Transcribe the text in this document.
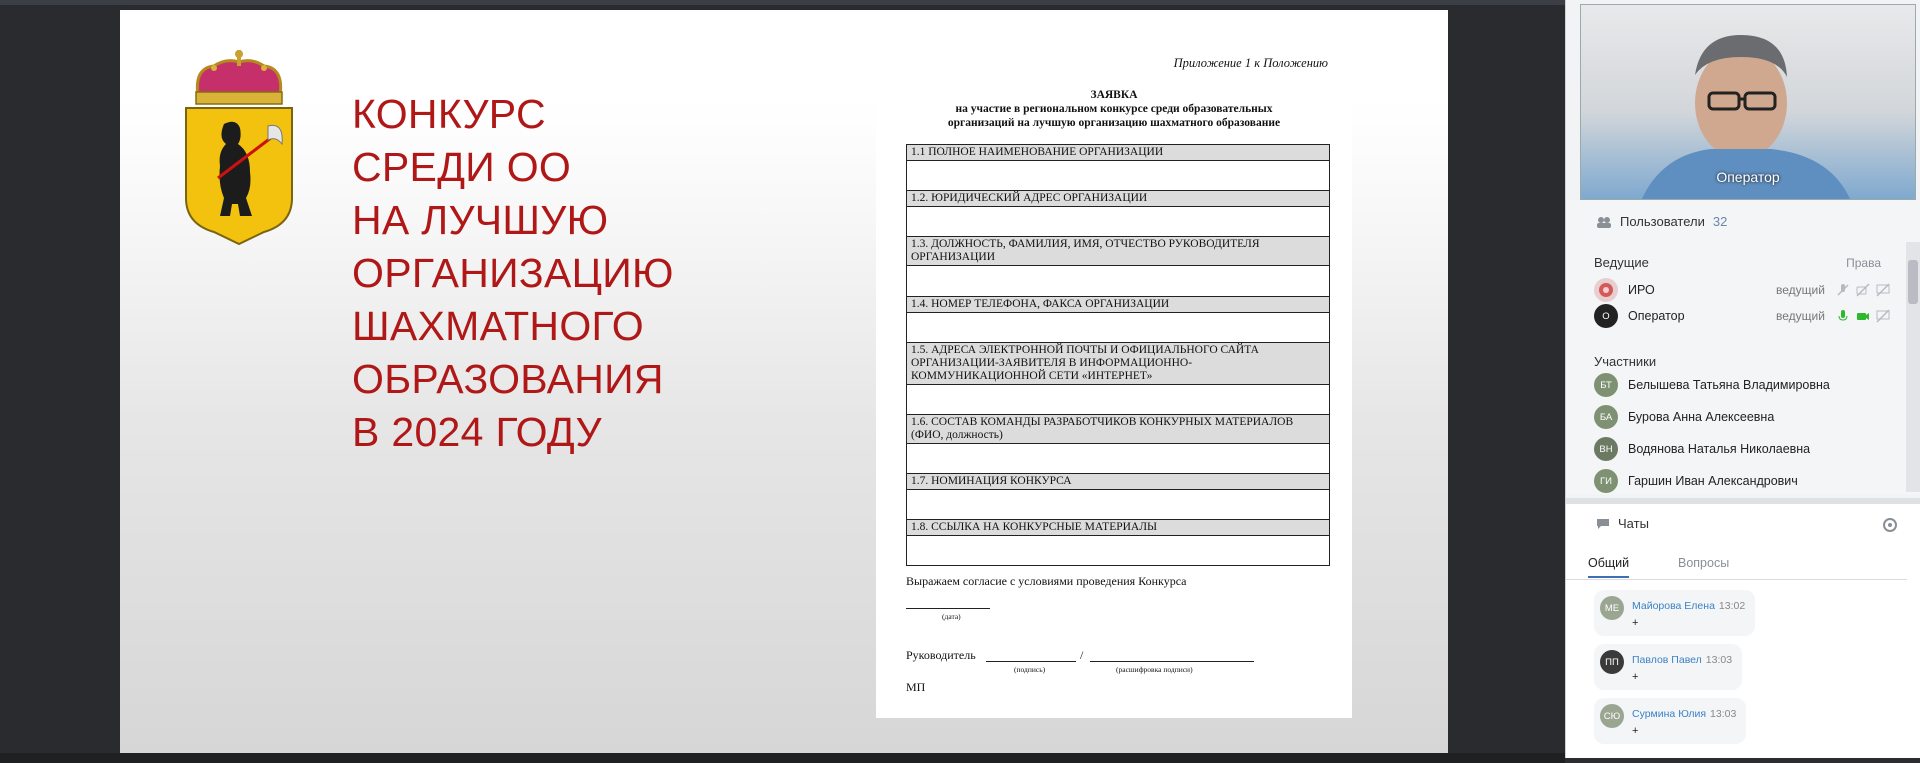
КОНКУРС
СРЕДИ ОО
НА ЛУЧШУЮ
ОРГАНИЗАЦИЮ
ШАХМАТНОГО
ОБРАЗОВАНИЯ
В 2024 ГОДУ
Приложение 1 к Положению
ЗАЯВКА
на участие в региональном конкурсе среди образовательных
организаций на лучшую организацию шахматного образование
1.1 ПОЛНОЕ НАИМЕНОВАНИЕ ОРГАНИЗАЦИИ

1.2. ЮРИДИЧЕСКИЙ АДРЕС ОРГАНИЗАЦИИ

1.3. ДОЛЖНОСТЬ, ФАМИЛИЯ, ИМЯ, ОТЧЕСТВО РУКОВОДИТЕЛЯ ОРГАНИЗАЦИИ

1.4. НОМЕР ТЕЛЕФОНА, ФАКСА ОРГАНИЗАЦИИ

1.5. АДРЕСА ЭЛЕКТРОННОЙ ПОЧТЫ И ОФИЦИАЛЬНОГО САЙТА ОРГАНИЗАЦИИ-ЗАЯВИТЕЛЯ В ИНФОРМАЦИОННО-КОММУНИКАЦИОННОЙ СЕТИ «ИНТЕРНЕТ»

1.6. СОСТАВ КОМАНДЫ РАЗРАБОТЧИКОВ КОНКУРНЫХ МАТЕРИАЛОВ (ФИО, должность)

1.7. НОМИНАЦИЯ КОНКУРСА

1.8. ССЫЛКА НА КОНКУРСНЫЕ МАТЕРИАЛЫ

Выражаем согласие с условиями проведения Конкурса
(дата)
Руководитель	/
(подпись)	(расшифровка подписи)
МП
Оператор
Пользователи 32
Ведущие	Права
ИРО	ведущий
О	Оператор	ведущий
Участники
БТ	Белышева Татьяна Владимировна
БА	Бурова Анна Алексеевна
ВН	Водянова Наталья Николаевна
ГИ	Гаршин Иван Александрович
Чаты
Общий	Вопросы
МЕ	Майорова Елена 13:02
+
ПП	Павлов Павел 13:03
+
СЮ	Сурмина Юлия 13:03
+
